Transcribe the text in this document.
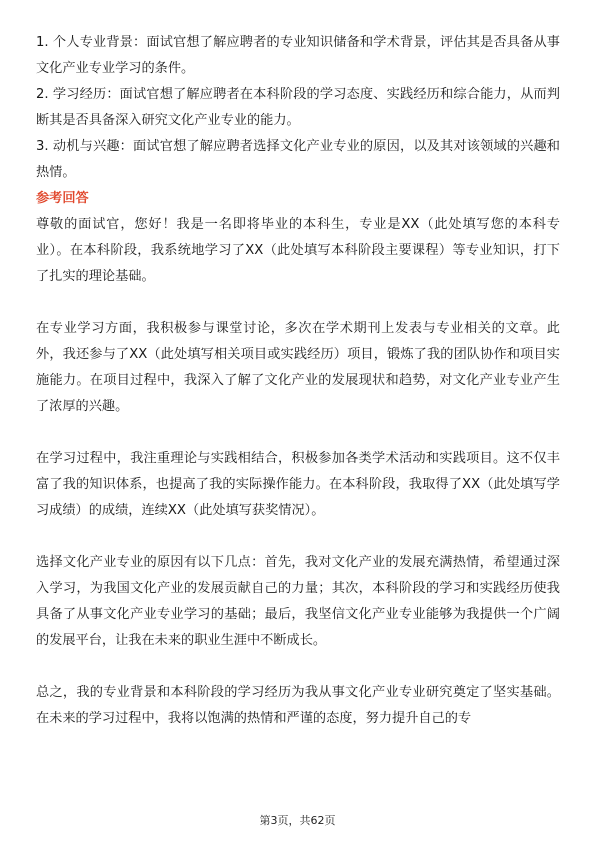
1. 个人专业背景：面试官想了解应聘者的专业知识储备和学术背景，评估其是否具备从事文化产业专业学习的条件。

2. 学习经历：面试官想了解应聘者在本科阶段的学习态度、实践经历和综合能力，从而判断其是否具备深入研究文化产业专业的能力。

3. 动机与兴趣：面试官想了解应聘者选择文化产业专业的原因，以及其对该领域的兴趣和热情。

参考回答

尊敬的面试官，您好！我是一名即将毕业的本科生，专业是XX（此处填写您的本科专业）。在本科阶段，我系统地学习了XX（此处填写本科阶段主要课程）等专业知识，打下了扎实的理论基础。

在专业学习方面，我积极参与课堂讨论，多次在学术期刊上发表与专业相关的文章。此外，我还参与了XX（此处填写相关项目或实践经历）项目，锻炼了我的团队协作和项目实施能力。在项目过程中，我深入了解了文化产业的发展现状和趋势，对文化产业专业产生了浓厚的兴趣。

在学习过程中，我注重理论与实践相结合，积极参加各类学术活动和实践项目。这不仅丰富了我的知识体系，也提高了我的实际操作能力。在本科阶段，我取得了XX（此处填写学习成绩）的成绩，连续XX（此处填写获奖情况）。

选择文化产业专业的原因有以下几点：首先，我对文化产业的发展充满热情，希望通过深入学习，为我国文化产业的发展贡献自己的力量；其次，本科阶段的学习和实践经历使我具备了从事文化产业专业学习的基础；最后，我坚信文化产业专业能够为我提供一个广阔的发展平台，让我在未来的职业生涯中不断成长。

总之，我的专业背景和本科阶段的学习经历为我从事文化产业专业研究奠定了坚实基础。在未来的学习过程中，我将以饱满的热情和严谨的态度，努力提升自己的专

第3页，共62页
